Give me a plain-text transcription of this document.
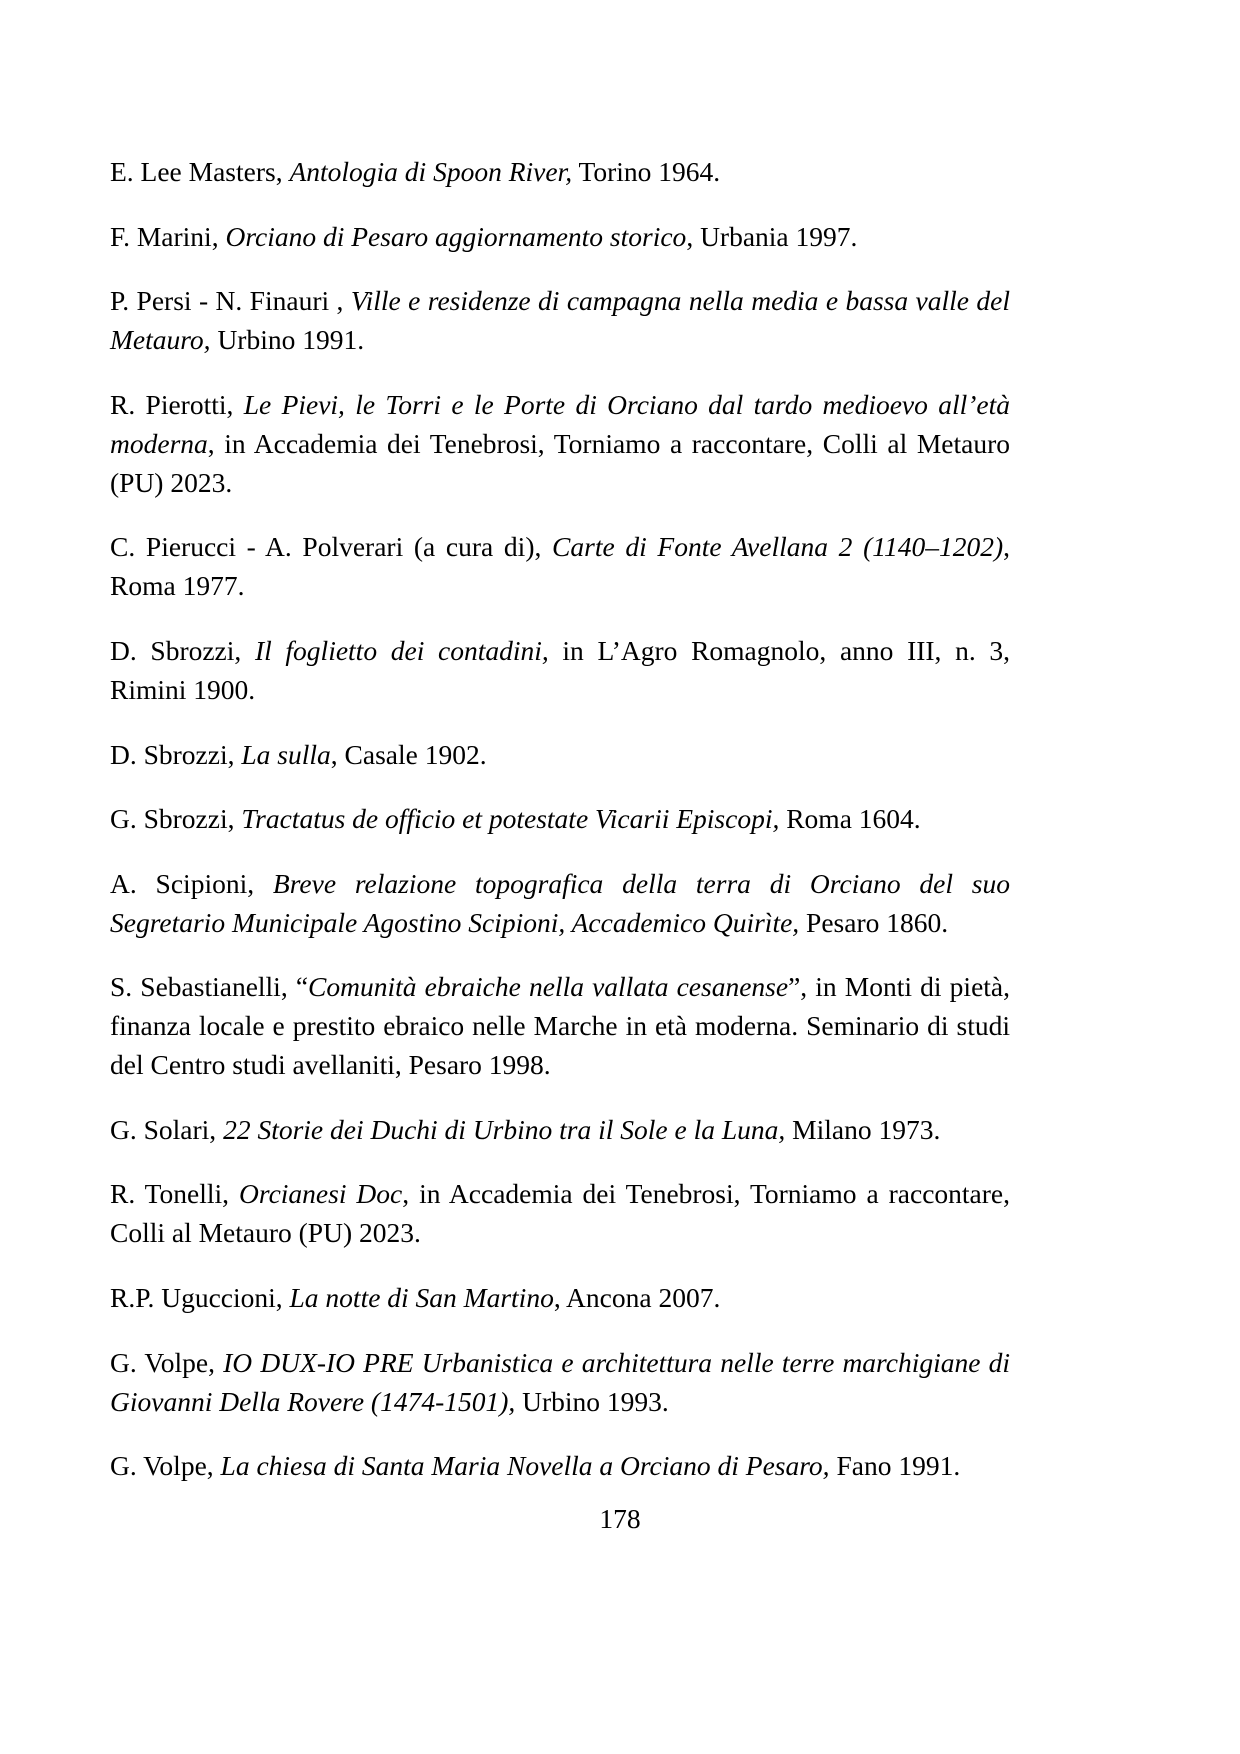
E. Lee Masters, Antologia di Spoon River, Torino 1964.

F. Marini, Orciano di Pesaro aggiornamento storico, Urbania 1997.

P. Persi - N. Finauri , Ville e residenze di campagna nella media e bassa valle del Metauro, Urbino 1991.

R. Pierotti, Le Pievi, le Torri e le Porte di Orciano dal tardo medioevo all’età moderna, in Accademia dei Tenebrosi, Torniamo a raccontare, Colli al Metauro (PU) 2023.

C. Pierucci - A. Polverari (a cura di), Carte di Fonte Avellana 2 (1140–1202), Roma 1977.

D. Sbrozzi, Il foglietto dei contadini, in L’Agro Romagnolo, anno III, n. 3, Rimini 1900.

D. Sbrozzi, La sulla, Casale 1902.

G. Sbrozzi, Tractatus de officio et potestate Vicarii Episcopi, Roma 1604.

A. Scipioni, Breve relazione topografica della terra di Orciano del suo Segretario Municipale Agostino Scipioni, Accademico Quirìte, Pesaro 1860.

S. Sebastianelli, “Comunità ebraiche nella vallata cesanense”, in Monti di pietà, finanza locale e prestito ebraico nelle Marche in età moderna. Seminario di studi del Centro studi avellaniti, Pesaro 1998.

G. Solari, 22 Storie dei Duchi di Urbino tra il Sole e la Luna, Milano 1973.

R. Tonelli, Orcianesi Doc, in Accademia dei Tenebrosi, Torniamo a raccontare, Colli al Metauro (PU) 2023.

R.P. Uguccioni, La notte di San Martino, Ancona 2007.

G. Volpe, IO DUX-IO PRE Urbanistica e architettura nelle terre marchigiane di Giovanni Della Rovere (1474-1501), Urbino 1993.

G. Volpe, La chiesa di Santa Maria Novella a Orciano di Pesaro, Fano 1991.

178
